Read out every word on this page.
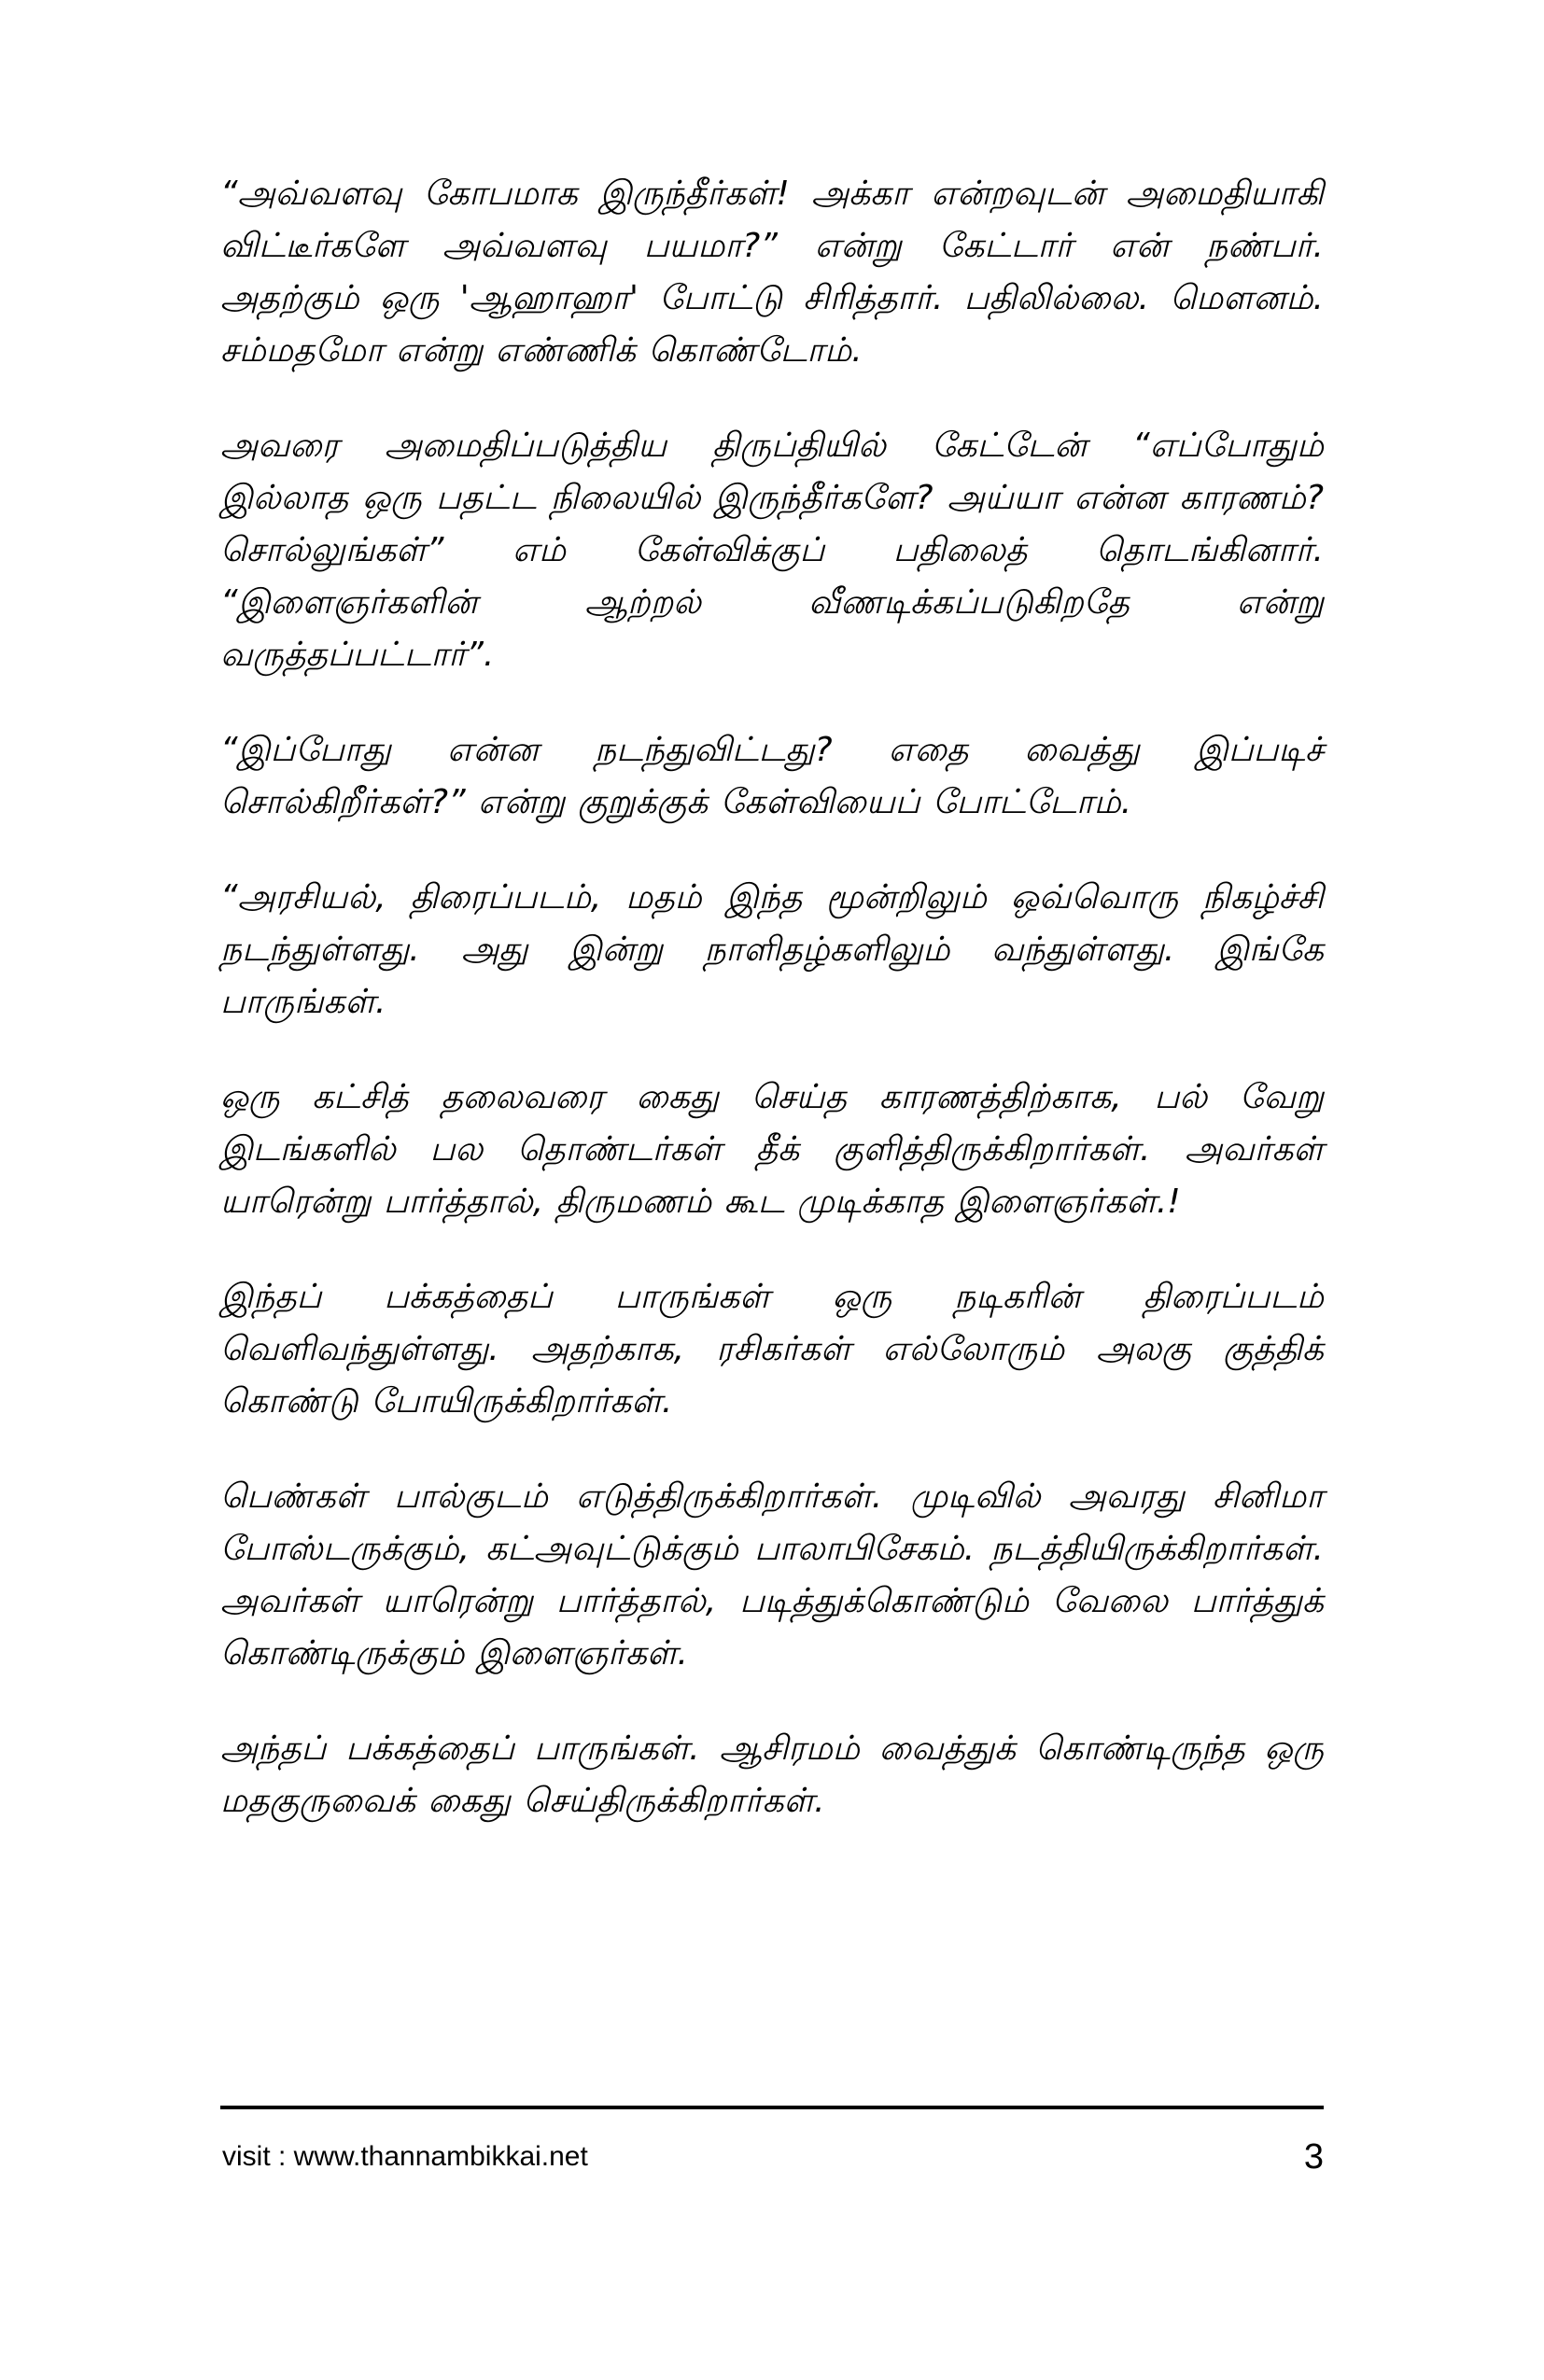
“அவ்வளவு கோபமாக இருந்தீர்கள்! அக்கா என்றவுடன் அமைதியாகி விட்டீர்களே அவ்வளவு பயமா?” என்று கேட்டார் என் நண்பர். அதற்கும் ஒரு 'ஆஹாஹா' போட்டு சிரித்தார். பதிலில்லை. மௌனம். சம்மதமோ என்று எண்ணிக் கொண்டோம்.

அவரை அமைதிப்படுத்திய திருப்தியில் கேட்டேன் “எப்போதும் இல்லாத ஒரு பதட்ட நிலையில் இருந்தீர்களே? அய்யா என்ன காரணம்? சொல்லுங்கள்” எம் கேள்விக்குப் பதிலைத் தொடங்கினார். “இளைஞர்களின் ஆற்றல் வீணடிக்கப்படுகிறதே என்று வருத்தப்பட்டார்”.

“இப்போது என்ன நடந்துவிட்டது? எதை வைத்து இப்படிச் சொல்கிறீர்கள்?” என்று குறுக்குக் கேள்வியைப் போட்டோம்.

“அரசியல், திரைப்படம், மதம் இந்த மூன்றிலும் ஒவ்வொரு நிகழ்ச்சி நடந்துள்ளது. அது இன்று நாளிதழ்களிலும் வந்துள்ளது. இங்கே பாருங்கள்.

ஒரு கட்சித் தலைவரை கைது செய்த காரணத்திற்காக, பல் வேறு இடங்களில் பல தொண்டர்கள் தீக் குளித்திருக்கிறார்கள். அவர்கள் யாரென்று பார்த்தால், திருமணம் கூட முடிக்காத இளைஞர்கள்.!

இந்தப் பக்கத்தைப் பாருங்கள் ஒரு நடிகரின் திரைப்படம் வெளிவந்துள்ளது. அதற்காக, ரசிகர்கள் எல்லோரும் அலகு குத்திக் கொண்டு போயிருக்கிறார்கள்.

பெண்கள் பால்குடம் எடுத்திருக்கிறார்கள். முடிவில் அவரது சினிமா போஸ்டருக்கும், கட்அவுட்டுக்கும் பாலாபிசேகம். நடத்தியிருக்கிறார்கள். அவர்கள் யாரென்று பார்த்தால், படித்துக்கொண்டும் வேலை பார்த்துக் கொண்டிருக்கும் இளைஞர்கள்.

அந்தப் பக்கத்தைப் பாருங்கள். ஆசிரமம் வைத்துக் கொண்டிருந்த ஒரு மதகுருவைக் கைது செய்திருக்கிறார்கள்.

visit : www.thannambikkai.net	3
